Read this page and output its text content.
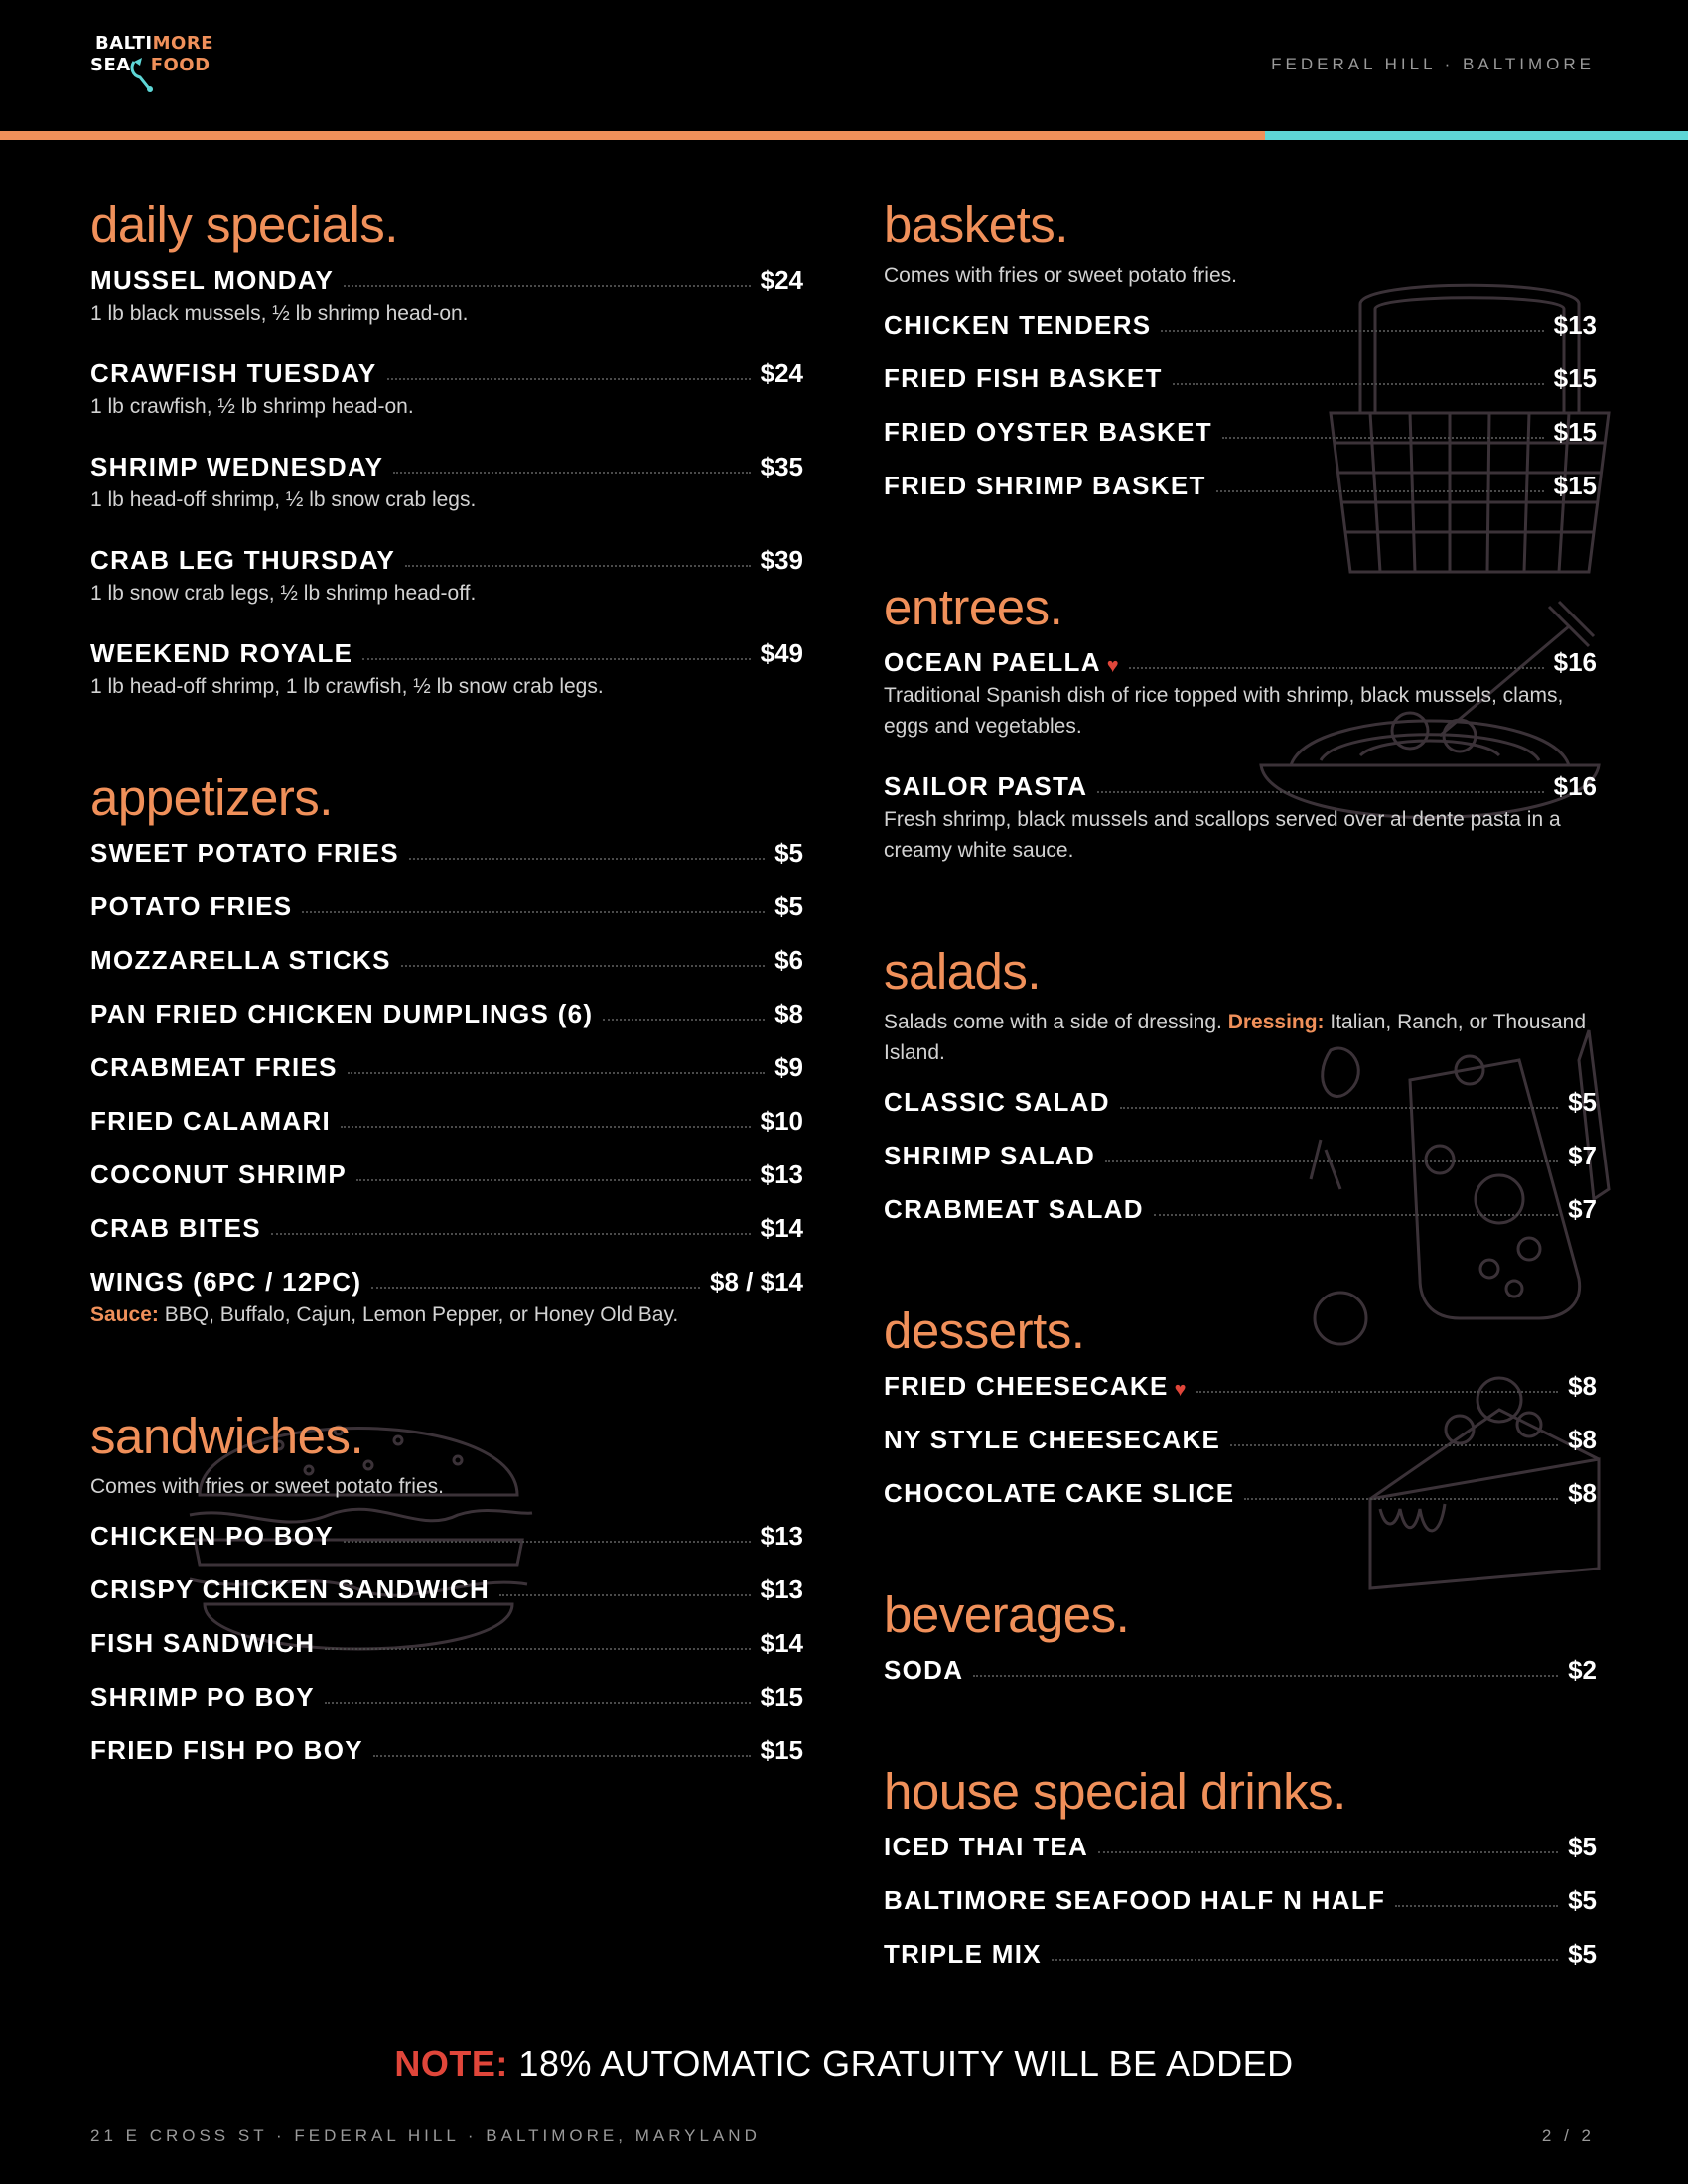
BALTIMORE
SEA FOOD	FEDERAL HILL · BALTIMORE
daily specials.
MUSSEL MONDAY	$24
1 lb black mussels, ½ lb shrimp head-on.
CRAWFISH TUESDAY	$24
1 lb crawfish, ½ lb shrimp head-on.
SHRIMP WEDNESDAY	$35
1 lb head-off shrimp, ½ lb snow crab legs.
CRAB LEG THURSDAY	$39
1 lb snow crab legs, ½ lb shrimp head-off.
WEEKEND ROYALE	$49
1 lb head-off shrimp, 1 lb crawfish, ½ lb snow crab legs.
appetizers.
SWEET POTATO FRIES	$5
POTATO FRIES	$5
MOZZARELLA STICKS	$6
PAN FRIED CHICKEN DUMPLINGS (6)	$8
CRABMEAT FRIES	$9
FRIED CALAMARI	$10
COCONUT SHRIMP	$13
CRAB BITES	$14
WINGS (6PC / 12PC)	$8 / $14
Sauce: BBQ, Buffalo, Cajun, Lemon Pepper, or Honey Old Bay.
sandwiches.

Comes with fries or sweet potato fries.

CHICKEN PO BOY	$13
CRISPY CHICKEN SANDWICH	$13
FISH SANDWICH	$14
SHRIMP PO BOY	$15
FRIED FISH PO BOY	$15
baskets.

Comes with fries or sweet potato fries.

CHICKEN TENDERS	$13
FRIED FISH BASKET	$15
FRIED OYSTER BASKET	$15
FRIED SHRIMP BASKET	$15
entrees.
OCEAN PAELLA ♥	$16
Traditional Spanish dish of rice topped with shrimp, black mussels, clams, eggs and vegetables.
SAILOR PASTA	$16
Fresh shrimp, black mussels and scallops served over al dente pasta in a creamy white sauce.
salads.

Salads come with a side of dressing. Dressing: Italian, Ranch, or Thousand Island.

CLASSIC SALAD	$5
SHRIMP SALAD	$7
CRABMEAT SALAD	$7
desserts.
FRIED CHEESECAKE ♥	$8
NY STYLE CHEESECAKE	$8
CHOCOLATE CAKE SLICE	$8
beverages.
SODA	$2
house special drinks.
ICED THAI TEA	$5
BALTIMORE SEAFOOD HALF N HALF	$5
TRIPLE MIX	$5
NOTE: 18% AUTOMATIC GRATUITY WILL BE ADDED
21 E CROSS ST · FEDERAL HILL · BALTIMORE, MARYLAND	2 / 2
